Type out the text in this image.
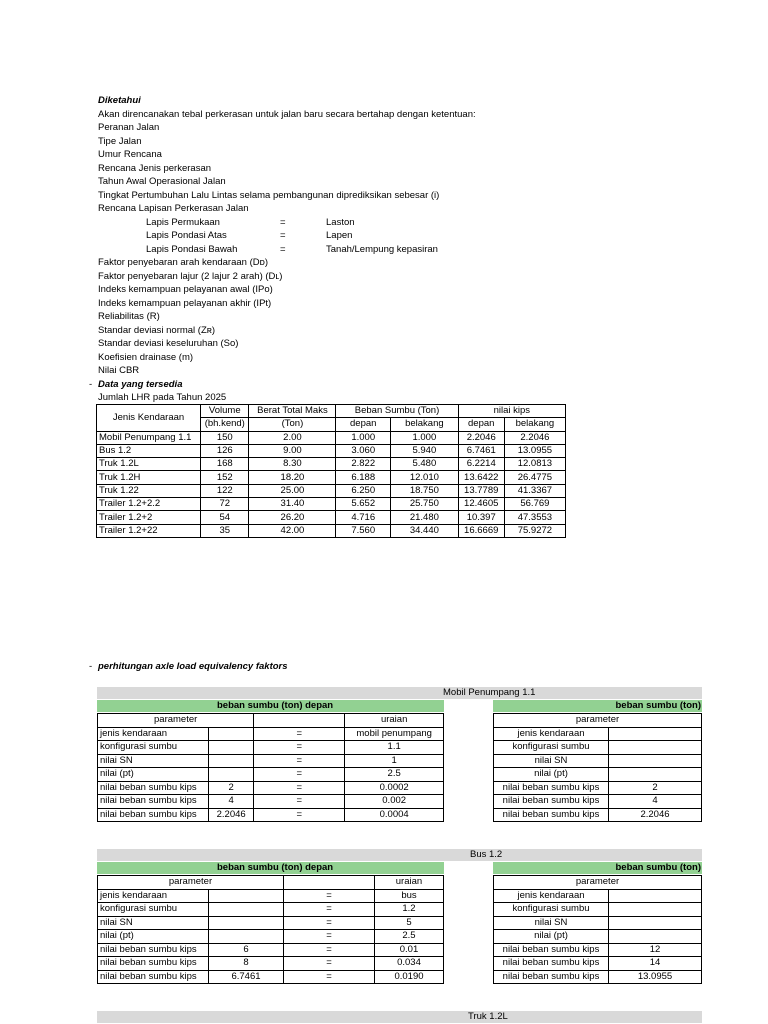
Diketahui
Akan direncanakan tebal perkerasan untuk jalan baru secara bertahap dengan ketentuan:
Peranan Jalan
Tipe Jalan
Umur Rencana
Rencana Jenis perkerasan
Tahun Awal Operasional Jalan
Tingkat Pertumbuhan Lalu Lintas selama pembangunan diprediksikan sebesar (i)
Rencana Lapisan Perkerasan Jalan
Lapis Permukaan	=	Laston
Lapis Pondasi Atas	=	Lapen
Lapis Pondasi Bawah	=	Tanah/Lempung kepasiran
Faktor penyebaran arah kendaraan (Dᴅ)
Faktor penyebaran lajur (2 lajur 2 arah) (Dʟ)
Indeks kemampuan pelayanan awal (IPo)
Indeks kemampuan pelayanan akhir (IPt)
Reliabilitas (R)
Standar deviasi normal (Zʀ)
Standar deviasi keseluruhan (So)
Koefisien drainase (m)
Nilai CBR
Data yang tersedia
Jumlah LHR pada Tahun 2025
-
Jenis Kendaraan	Volume	Berat Total Maks	Beban Sumbu (Ton)		nilai kips	
	(bh.kend)	(Ton)	depan	belakang	depan	belakang
Mobil Penumpang 1.1	150	2.00	1.000	1.000	2.2046	2.2046
Bus 1.2	126	9.00	3.060	5.940	6.7461	13.0955
Truk 1.2L	168	8.30	2.822	5.480	6.2214	12.0813
Truk 1.2H	152	18.20	6.188	12.010	13.6422	26.4775
Truk 1.22	122	25.00	6.250	18.750	13.7789	41.3367
Trailer 1.2+2.2	72	31.40	5.652	25.750	12.4605	56.769
Trailer 1.2+2	54	26.20	4.716	21.480	10.397	47.3553
Trailer 1.2+22	35	42.00	7.560	34.440	16.6669	75.9272
- perhitungan axle load equivalency faktors
Mobil Penumpang 1.1
beban sumbu (ton) depan	beban sumbu (ton)
parameter			uraian
jenis kendaraan		=	mobil penumpang
konfigurasi sumbu		=	1.1
nilai SN		=	1
nilai (pt)		=	2.5
nilai beban sumbu kips	2	=	0.0002
nilai beban sumbu kips	4	=	0.002
nilai beban sumbu kips	2.2046	=	0.0004
parameter	
jenis kendaraan	
konfigurasi sumbu	
nilai SN	
nilai (pt)	
nilai beban sumbu kips	2
nilai beban sumbu kips	4
nilai beban sumbu kips	2.2046
Bus 1.2
beban sumbu (ton) depan	beban sumbu (ton)
parameter			uraian
jenis kendaraan		=	bus
konfigurasi sumbu		=	1.2
nilai SN		=	5
nilai (pt)		=	2.5
nilai beban sumbu kips	6	=	0.01
nilai beban sumbu kips	8	=	0.034
nilai beban sumbu kips	6.7461	=	0.0190
parameter	
jenis kendaraan	
konfigurasi sumbu	
nilai SN	
nilai (pt)	
nilai beban sumbu kips	12
nilai beban sumbu kips	14
nilai beban sumbu kips	13.0955
Truk 1.2L
